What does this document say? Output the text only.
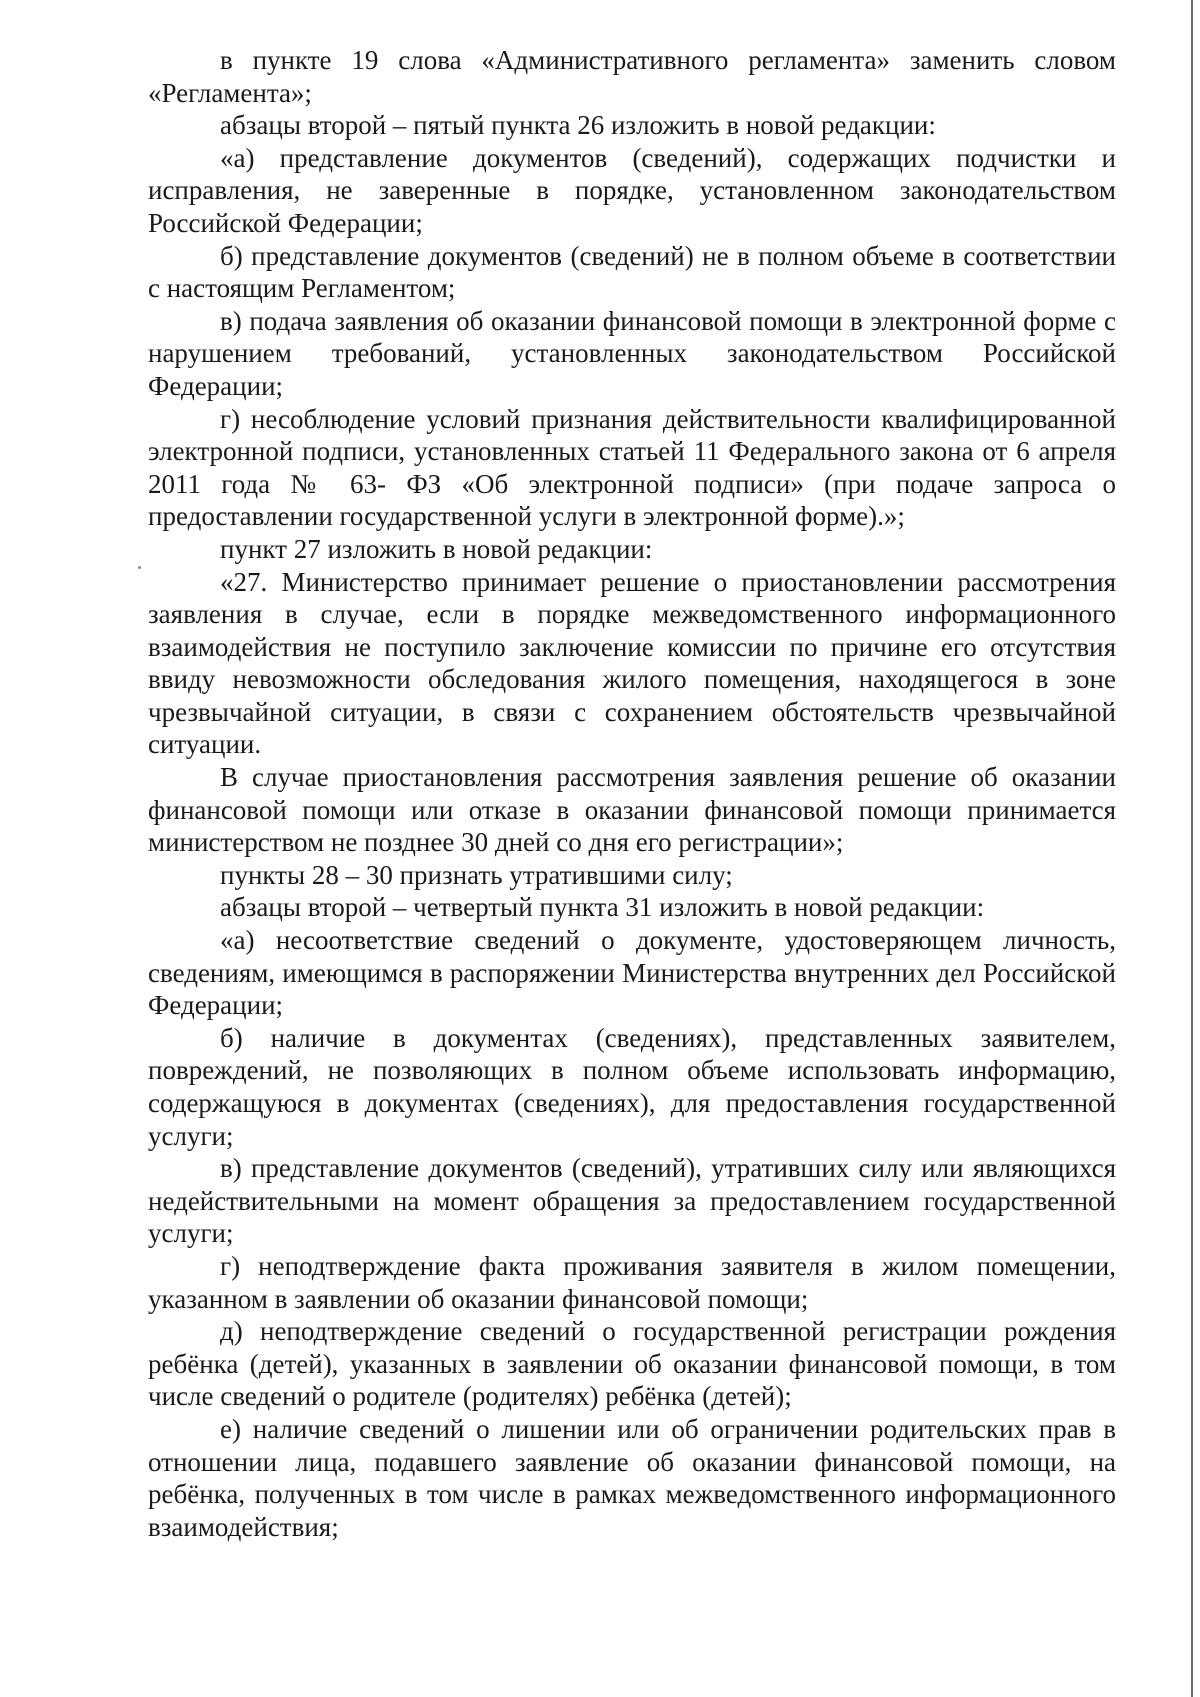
в пункте 19 слова «Административного регламента» заменить словом «Регламента»;

абзацы второй – пятый пункта 26 изложить в новой редакции:

«а) представление документов (сведений), содержащих подчистки и исправления, не заверенные в порядке, установленном законодательством Российской Федерации;

б) представление документов (сведений) не в полном объеме в соответствии с настоящим Регламентом;

в) подача заявления об оказании финансовой помощи в электронной форме с нарушением требований, установленных законодательством Российской Федерации;

г) несоблюдение условий признания действительности квалифицированной электронной подписи, установленных статьей 11 Федерального закона от 6 апреля 2011 года № 63- ФЗ «Об электронной подписи» (при подаче запроса о предоставлении государственной услуги в электронной форме).»;

пункт 27 изложить в новой редакции:

«27. Министерство принимает решение о приостановлении рассмотрения заявления в случае, если в порядке межведомственного информационного взаимодействия не поступило заключение комиссии по причине его отсутствия ввиду невозможности обследования жилого помещения, находящегося в зоне чрезвычайной ситуации, в связи с сохранением обстоятельств чрезвычайной ситуации.

В случае приостановления рассмотрения заявления решение об оказании финансовой помощи или отказе в оказании финансовой помощи принимается министерством не позднее 30 дней со дня его регистрации»;

пункты 28 – 30 признать утратившими силу;

абзацы второй – четвертый пункта 31 изложить в новой редакции:

«а) несоответствие сведений о документе, удостоверяющем личность, сведениям, имеющимся в распоряжении Министерства внутренних дел Российской Федерации;

б) наличие в документах (сведениях), представленных заявителем, повреждений, не позволяющих в полном объеме использовать информацию, содержащуюся в документах (сведениях), для предоставления государственной услуги;

в) представление документов (сведений), утративших силу или являющихся недействительными на момент обращения за предоставлением государственной услуги;

г) неподтверждение факта проживания заявителя в жилом помещении, указанном в заявлении об оказании финансовой помощи;

д) неподтверждение сведений о государственной регистрации рождения ребёнка (детей), указанных в заявлении об оказании финансовой помощи, в том числе сведений о родителе (родителях) ребёнка (детей);

е) наличие сведений о лишении или об ограничении родительских прав в отношении лица, подавшего заявление об оказании финансовой помощи, на ребёнка, полученных в том числе в рамках межведомственного информационного взаимодействия;
